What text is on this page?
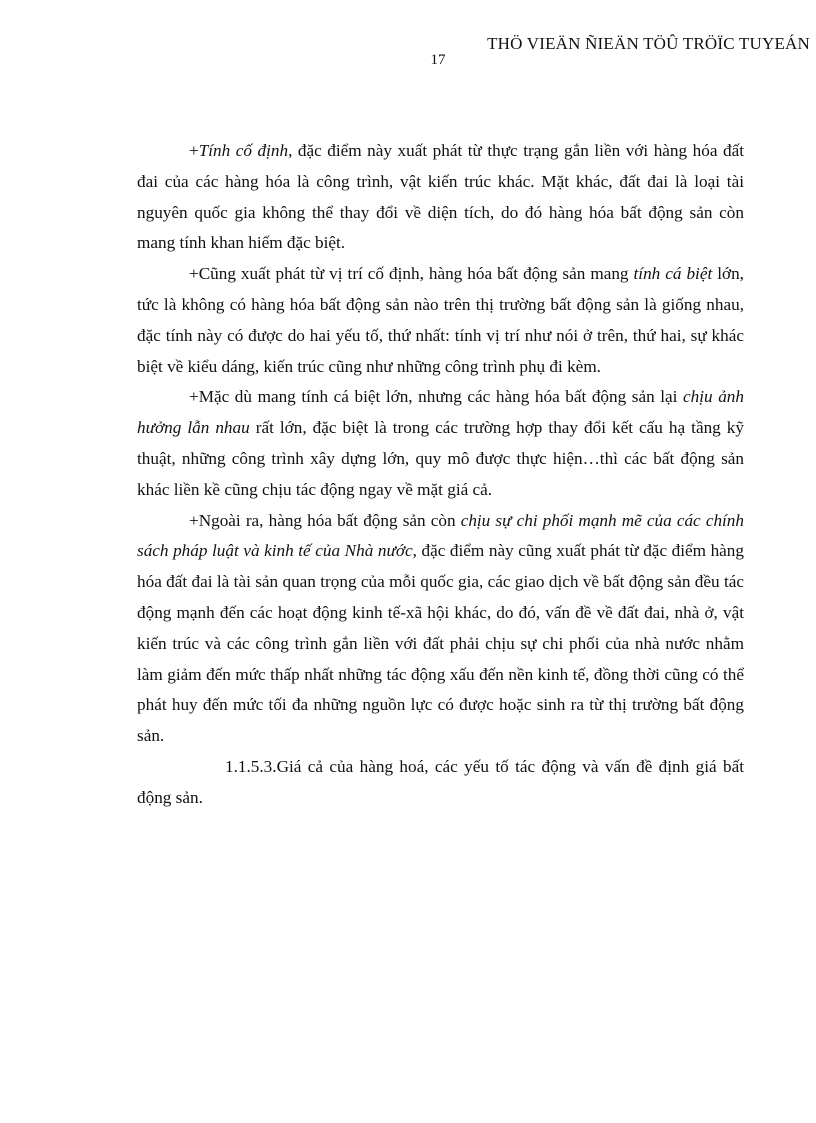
THÖ VIEÄN ÑIEÄN TÖÛ TRÖÏC TUYEÁN
17

+Tính cố định, đặc điểm này xuất phát từ thực trạng gắn liền với hàng hóa đất đai của các hàng hóa là công trình, vật kiến trúc khác. Mặt khác, đất đai là loại tài nguyên quốc gia không thể thay đổi về diện tích, do đó hàng hóa bất động sản còn mang tính khan hiếm đặc biệt.

+Cũng xuất phát từ vị trí cố định, hàng hóa bất động sản mang tính cá biệt lớn, tức là không có hàng hóa bất động sản nào trên thị trường bất động sản là giống nhau, đặc tính này có được do hai yếu tố, thứ nhất: tính vị trí như nói ở trên, thứ hai, sự khác biệt về kiểu dáng, kiến trúc cũng như những công trình phụ đi kèm.

+Mặc dù mang tính cá biệt lớn, nhưng các hàng hóa bất động sản lại chịu ảnh hưởng lẫn nhau rất lớn, đặc biệt là trong các trường hợp thay đổi kết cấu hạ tầng kỹ thuật, những công trình xây dựng lớn, quy mô được thực hiện…thì các bất động sản khác liền kề cũng chịu tác động ngay về mặt giá cả.

+Ngoài ra, hàng hóa bất động sản còn chịu sự chi phối mạnh mẽ của các chính sách pháp luật và kinh tế của Nhà nước, đặc điểm này cũng xuất phát từ đặc điểm hàng hóa đất đai là tài sản quan trọng của mỗi quốc gia, các giao dịch về bất động sản đều tác động mạnh đến các hoạt động kinh tế-xã hội khác, do đó, vấn đề về đất đai, nhà ở, vật kiến trúc và các công trình gắn liền với đất phải chịu sự chi phối của nhà nước nhằm làm giảm đến mức thấp nhất những tác động xấu đến nền kinh tế, đồng thời cũng có thể phát huy đến mức tối đa những nguồn lực có được hoặc sinh ra từ thị trường bất động sản.

1.1.5.3.Giá cả của hàng hoá, các yếu tố tác động và vấn đề định giá bất động sản.
